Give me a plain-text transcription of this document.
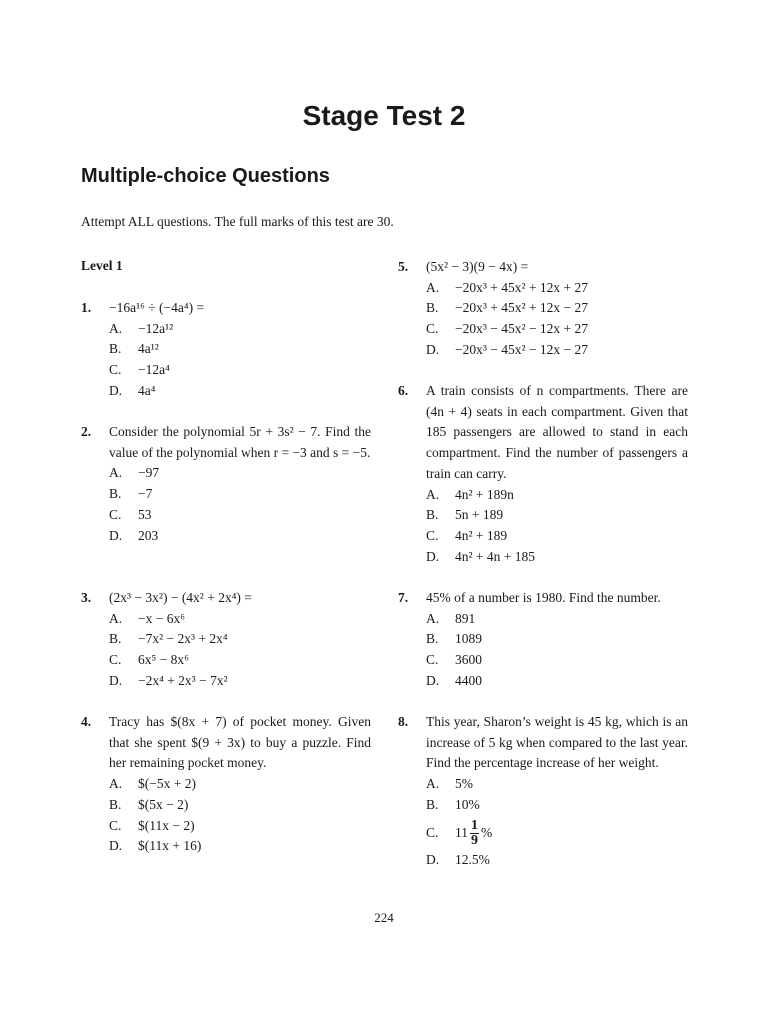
Stage Test 2
Multiple-choice Questions
Attempt ALL questions. The full marks of this test are 30.
Level 1
1. −16a¹⁶ ÷ (−4a⁴) =
A. −12a¹²
B. 4a¹²
C. −12a⁴
D. 4a⁴
2. Consider the polynomial 5r + 3s² − 7. Find the value of the polynomial when r = −3 and s = −5.
A. −97
B. −7
C. 53
D. 203
3. (2x³ − 3x²) − (4x² + 2x⁴) =
A. −x − 6x⁶
B. −7x² − 2x³ + 2x⁴
C. 6x⁵ − 8x⁶
D. −2x⁴ + 2x³ − 7x²
4. Tracy has $(8x + 7) of pocket money. Given that she spent $(9 + 3x) to buy a puzzle. Find her remaining pocket money.
A. $(−5x + 2)
B. $(5x − 2)
C. $(11x − 2)
D. $(11x + 16)
5. (5x² − 3)(9 − 4x) =
A. −20x³ + 45x² + 12x + 27
B. −20x³ + 45x² + 12x − 27
C. −20x³ − 45x² − 12x + 27
D. −20x³ − 45x² − 12x − 27
6. A train consists of n compartments. There are (4n + 4) seats in each compartment. Given that 185 passengers are allowed to stand in each compartment. Find the number of passengers a train can carry.
A. 4n² + 189n
B. 5n + 189
C. 4n² + 189
D. 4n² + 4n + 185
7. 45% of a number is 1980. Find the number.
A. 891
B. 1089
C. 3600
D. 4400
8. This year, Sharon’s weight is 45 kg, which is an increase of 5 kg when compared to the last year. Find the percentage increase of her weight.
A. 5%
B. 10%
C. $11 \frac{1}{9}$ %
D. 12.5%
224
